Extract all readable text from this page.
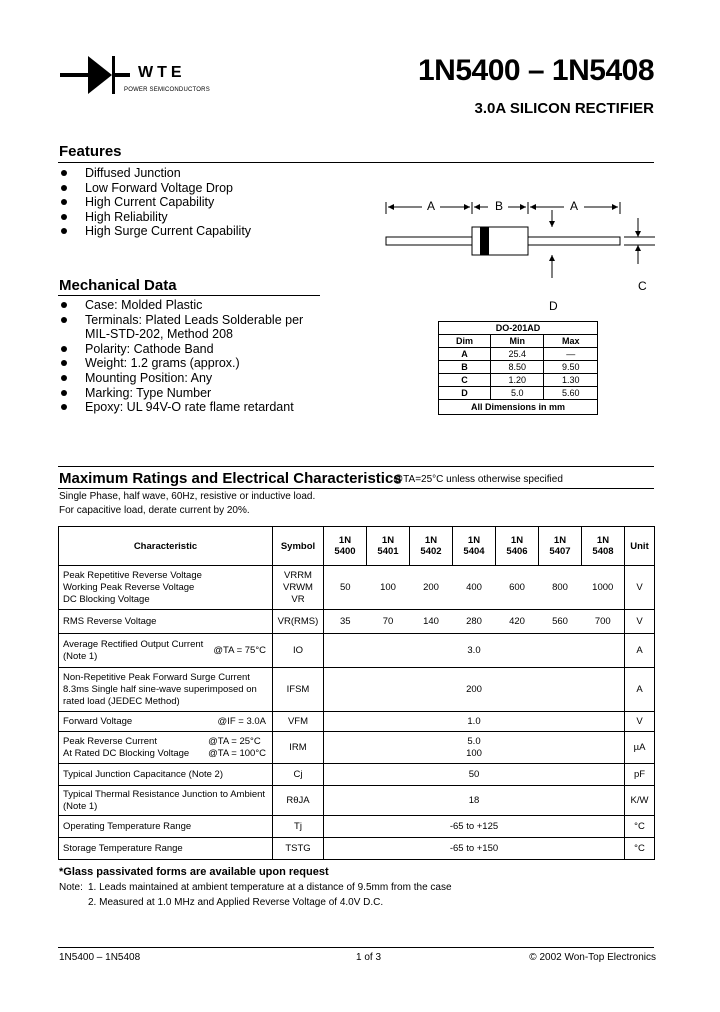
WTE
POWER SEMICONDUCTORS
1N5400 – 1N5408
3.0A SILICON RECTIFIER
Features
Diffused Junction
Low Forward Voltage Drop
High Current Capability
High Reliability
High Surge Current Capability
A	B	A
D
C
Mechanical Data
Case: Molded Plastic
Terminals: Plated Leads Solderable per MIL-STD-202, Method 208
Polarity: Cathode Band
Weight: 1.2 grams (approx.)
Mounting Position: Any
Marking: Type Number
Epoxy: UL 94V-O rate flame retardant
DO-201AD		
Dim	Min	Max
A	25.4	—
B	8.50	9.50
C	1.20	1.30
D	5.0	5.60
All Dimensions in mm		
Maximum Ratings and Electrical Characteristics
@TA=25°C unless otherwise specified
Single Phase, half wave, 60Hz, resistive or inductive load.
For capacitive load, derate current by 20%.
Characteristic	Symbol	1N 5400	1N 5401	1N 5402	1N 5404	1N 5406	1N 5407	1N 5408	Unit
Peak Repetitive Reverse Voltage
Working Peak Reverse Voltage
DC Blocking Voltage	VRRM
VRWM
VR	50	100	200	400	600	800	1000	V
RMS Reverse Voltage	VR(RMS)	35	70	140	280	420	560	700	V
Average Rectified Output Current
(Note 1)
@TA = 75°C	IO	3.0							A
Non-Repetitive Peak Forward Surge Current
8.3ms Single half sine-wave superimposed on
rated load (JEDEC Method)	IFSM	200							A
Forward Voltage @IF = 3.0A	VFM	1.0							V
Peak Reverse Current
At Rated DC Blocking Voltage
@TA = 25°C
@TA = 100°C	IRM	5.0
100							µA
Typical Junction Capacitance (Note 2)	Cj	50							pF
Typical Thermal Resistance Junction to Ambient
(Note 1)	RθJA	18							K/W
Operating Temperature Range	Tj	-65 to +125							°C
Storage Temperature Range	TSTG	-65 to +150							°C
*Glass passivated forms are available upon request
Note: 1. Leads maintained at ambient temperature at a distance of 9.5mm from the case
2. Measured at 1.0 MHz and Applied Reverse Voltage of 4.0V D.C.
1N5400 – 1N5408	1 of 3	© 2002 Won-Top Electronics
